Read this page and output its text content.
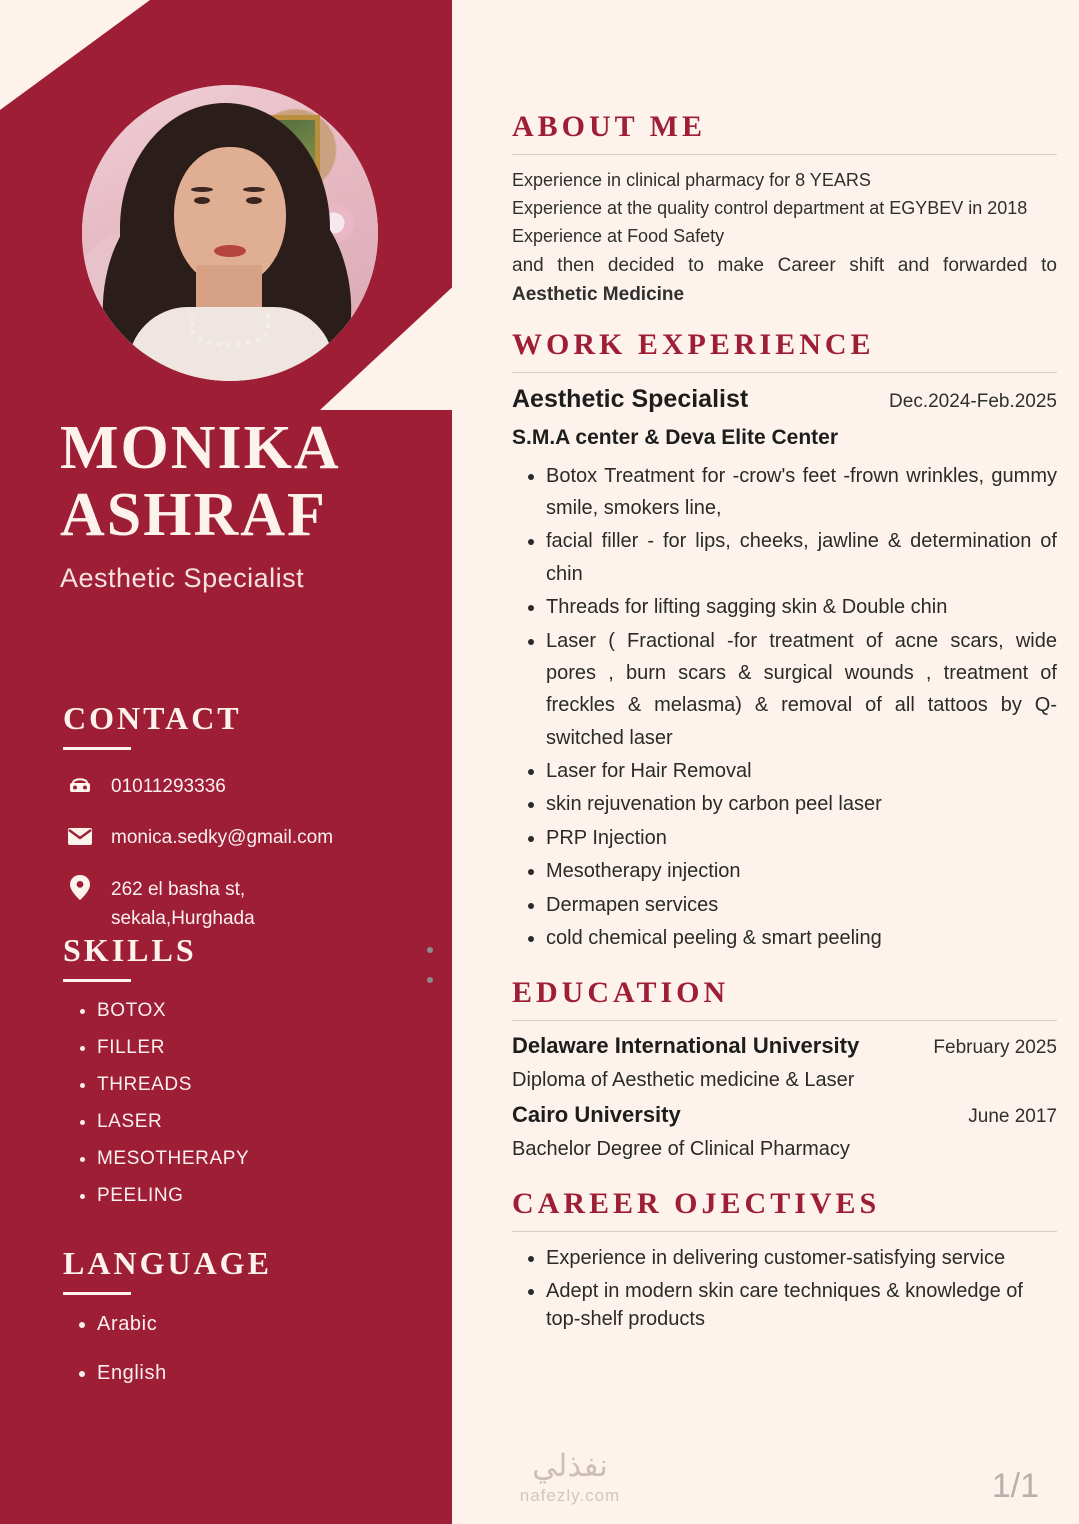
MONIKA
ASHRAF
Aesthetic Specialist
CONTACT
01011293336
monica.sedky@gmail.com
262 el basha st,
sekala,Hurghada
SKILLS
• BOTOX
• FILLER
• THREADS
• LASER
• MESOTHERAPY
• PEELING
LANGUAGE
• Arabic
• English
ABOUT ME
Experience in clinical pharmacy for 8 YEARS
Experience at the quality control department at EGYBEV in 2018
Experience at Food Safety
and then decided to make Career shift and forwarded to Aesthetic Medicine
WORK EXPERIENCE
Aesthetic Specialist	Dec.2024-Feb.2025
S.M.A center & Deva Elite Center
• Botox Treatment for -crow's feet -frown wrinkles, gummy smile, smokers line,
• facial filler - for lips, cheeks, jawline & determination of chin
• Threads for lifting sagging skin & Double chin
• Laser ( Fractional -for treatment of acne scars, wide pores , burn scars & surgical wounds , treatment of freckles & melasma) & removal of all tattoos by Q-switched laser
• Laser for Hair Removal
• skin rejuvenation by carbon peel laser
• PRP Injection
• Mesotherapy injection
• Dermapen services
• cold chemical peeling & smart peeling
EDUCATION
Delaware International University	February 2025
Diploma of Aesthetic medicine & Laser
Cairo University	June 2017
Bachelor Degree of Clinical Pharmacy
CAREER OJECTIVES
• Experience in delivering customer-satisfying service
• Adept in modern skin care techniques & knowledge of top-shelf products
نفذلي
nafezly.com	1/1
